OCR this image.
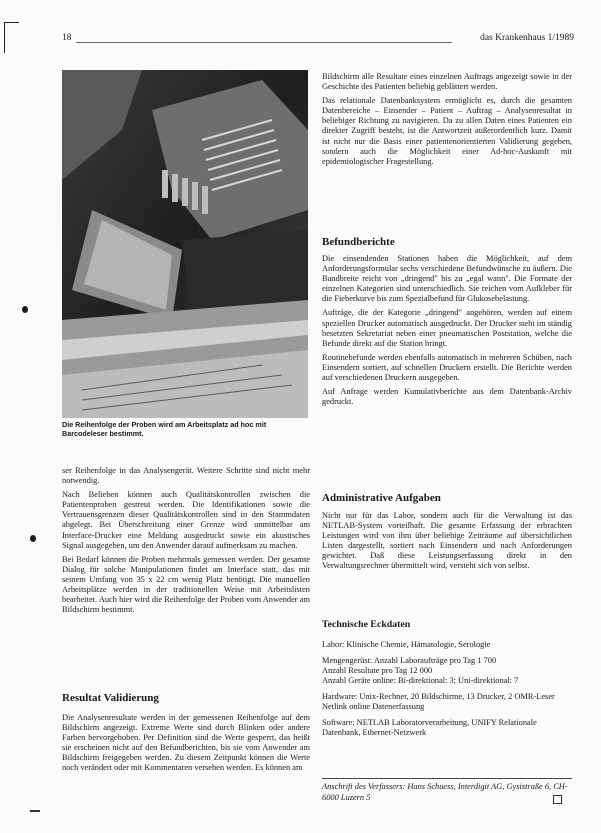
18	das Krankenhaus 1/1989
Die Reihenfolge der Proben wird am Arbeitsplatz ad hoc mit Barcodeleser bestimmt.

ser Reihenfolge in das Analysengerät. Weitere Schritte sind nicht mehr notwendig.

Nach Belieben können auch Qualitätskontrollen zwischen die Patientenproben gestreut werden. Die Identifikationen sowie die Vertrauensgrenzen dieser Qualitätskontrollen sind in den Stammdaten abgelegt. Bei Überschreitung einer Grenze wird unmittelbar am Interface-Drucker eine Meldung ausgedruckt sowie ein akustisches Signal ausgegeben, um den Anwender darauf aufmerksam zu machen.

Bei Bedarf können die Proben mehrmals gemessen werden. Der gesamte Dialog für solche Manipulationen findet am Interface statt, das mit seinem Umfang von 35 x 22 cm wenig Platz benötigt. Die manuellen Arbeitsplätze werden in der traditionellen Weise mit Arbeitslisten bearbeitet. Auch hier wird die Reihenfolge der Proben vom Anwender am Bildschirm bestimmt.

Resultat Validierung

Die Analysenresultate werden in der gemessenen Reihenfolge auf dem Bildschirm angezeigt. Extreme Werte sind durch Blinken oder andere Farben hervorgehoben. Per Definition sind die Werte gesperrt, das heißt sie erscheinen nicht auf den Befundberichten, bis sie vom Anwender am Bildschirm freigegeben werden. Zu diesem Zeitpunkt können die Werte noch verändert oder mit Kommentaren versehen werden. Es können am

Bildschirm alle Resultate eines einzelnen Auftrags angezeigt sowie in der Geschichte des Patienten beliebig geblättert werden.

Das relationale Datenbanksystem ermöglicht es, durch die gesamten Datenbereiche – Einsender – Patient – Auftrag – Analysenresultat in beliebiger Richtung zu navigieren. Da zu allen Daten eines Patienten ein direkter Zugriff besteht, ist die Antwortzeit außerordentlich kurz. Damit ist nicht nur die Basis einer patientenorientierten Validierung gegeben, sondern auch die Möglichkeit einer Ad-hoc-Auskunft mit epidemiologischer Fragestellung.

Befundberichte

Die einsendenden Stationen haben die Möglichkeit, auf dem Anforderungsformular sechs verschiedene Befundwünsche zu äußern. Die Bandbreite reicht von „dringend" bis zu „egal wann". Die Formate der einzelnen Kategorien sind unterschiedlich. Sie reichen vom Aufkleber für die Fieberkurve bis zum Spezialbefund für Glukosebelastung.

Aufträge, die der Kategorie „dringend" angehören, werden auf einem speziellen Drucker automatisch ausgedruckt. Der Drucker steht im ständig besetzten Sekretariat neben einer pneumatischen Poststation, welche die Befunde direkt auf die Station bringt.

Routinebefunde werden ebenfalls automatisch in mehreren Schüben, nach Einsendern sortiert, auf schnellen Druckern erstellt. Die Berichte werden auf verschiedenen Druckern ausgegeben.

Auf Anfrage werden Kumulativberichte aus dem Datenbank-Archiv gedruckt.

Administrative Aufgaben

Nicht nur für das Labor, sondern auch für die Verwaltung ist das NETLAB-System vorteilhaft. Die gesamte Erfassung der erbrachten Leistungen wird von ihm über beliebige Zeiträume auf übersichtlichen Listen dargestellt, sortiert nach Einsendern und nach Anforderungen gewichtet. Daß diese Leistungserfassung direkt in den Verwaltungsrechner übermittelt wird, versteht sich von selbst.

Technische Eckdaten

Labor: Klinische Chemie, Hämatologie, Serologie

Mengengerüst: Anzahl Laboraufträge pro Tag 1 700
Anzahl Resultate pro Tag 12 000
Anzahl Geräte online: Bi-direktional: 3; Uni-direktional: 7

Hardware: Unix-Rechner, 20 Bildschirme, 13 Drucker, 2 OMR-Leser Netlink online Datenerfassung

Software: NETLAB Laboratorverarbeitung, UNIFY Relationale Datenbank, Ethernet-Netzwerk

Anschrift des Verfassers: Hans Schuess, Interdigit AG, Gysistraße 6, CH-6000 Luzern 5
